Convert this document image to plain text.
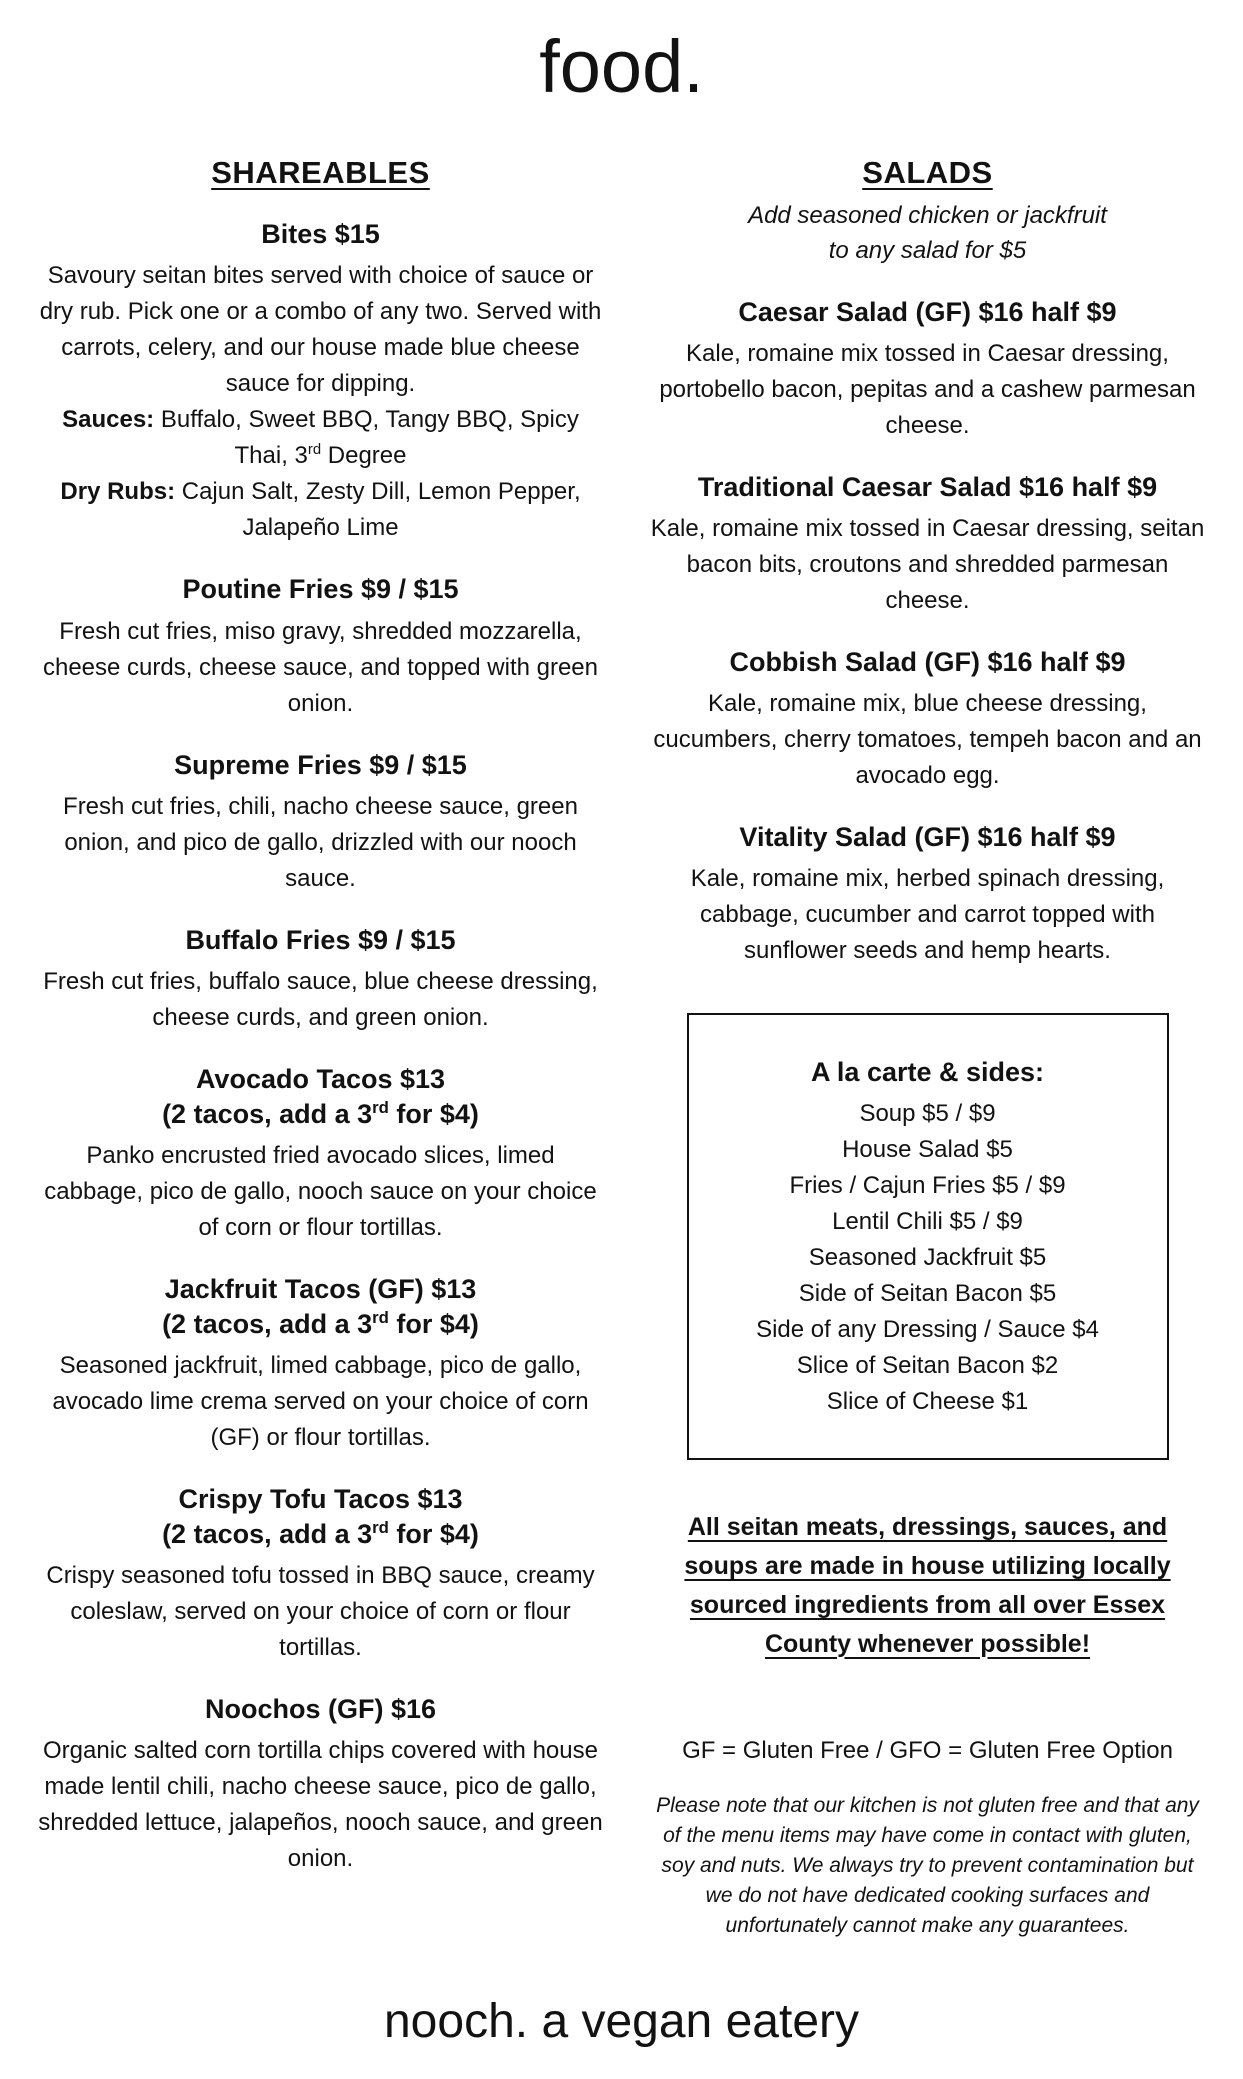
food.
SHAREABLES
Bites $15

Savoury seitan bites served with choice of sauce or dry rub. Pick one or a combo of any two. Served with carrots, celery, and our house made blue cheese sauce for dipping.

Sauces: Buffalo, Sweet BBQ, Tangy BBQ, Spicy Thai, 3rd Degree

Dry Rubs: Cajun Salt, Zesty Dill, Lemon Pepper, Jalapeño Lime

Poutine Fries $9 / $15

Fresh cut fries, miso gravy, shredded mozzarella, cheese curds, cheese sauce, and topped with green onion.

Supreme Fries $9 / $15

Fresh cut fries, chili, nacho cheese sauce, green onion, and pico de gallo, drizzled with our nooch sauce.

Buffalo Fries $9 / $15

Fresh cut fries, buffalo sauce, blue cheese dressing, cheese curds, and green onion.

Avocado Tacos $13
(2 tacos, add a 3rd for $4)

Panko encrusted fried avocado slices, limed cabbage, pico de gallo, nooch sauce on your choice of corn or flour tortillas.

Jackfruit Tacos (GF) $13
(2 tacos, add a 3rd for $4)

Seasoned jackfruit, limed cabbage, pico de gallo, avocado lime crema served on your choice of corn (GF) or flour tortillas.

Crispy Tofu Tacos $13
(2 tacos, add a 3rd for $4)

Crispy seasoned tofu tossed in BBQ sauce, creamy coleslaw, served on your choice of corn or flour tortillas.

Noochos (GF) $16

Organic salted corn tortilla chips covered with house made lentil chili, nacho cheese sauce, pico de gallo, shredded lettuce, jalapeños, nooch sauce, and green onion.

SALADS

Add seasoned chicken or jackfruit
to any salad for $5

Caesar Salad (GF) $16 half $9

Kale, romaine mix tossed in Caesar dressing, portobello bacon, pepitas and a cashew parmesan cheese.

Traditional Caesar Salad $16 half $9

Kale, romaine mix tossed in Caesar dressing, seitan bacon bits, croutons and shredded parmesan cheese.

Cobbish Salad (GF) $16 half $9

Kale, romaine mix, blue cheese dressing, cucumbers, cherry tomatoes, tempeh bacon and an avocado egg.

Vitality Salad (GF) $16 half $9

Kale, romaine mix, herbed spinach dressing, cabbage, cucumber and carrot topped with sunflower seeds and hemp hearts.

A la carte & sides:

Soup $5 / $9

House Salad $5

Fries / Cajun Fries $5 / $9

Lentil Chili $5 / $9

Seasoned Jackfruit $5

Side of Seitan Bacon $5

Side of any Dressing / Sauce $4

Slice of Seitan Bacon $2

Slice of Cheese $1

All seitan meats, dressings, sauces, and soups are made in house utilizing locally sourced ingredients from all over Essex County whenever possible!

GF = Gluten Free / GFO = Gluten Free Option

Please note that our kitchen is not gluten free and that any of the menu items may have come in contact with gluten, soy and nuts. We always try to prevent contamination but we do not have dedicated cooking surfaces and unfortunately cannot make any guarantees.

nooch. a vegan eatery
